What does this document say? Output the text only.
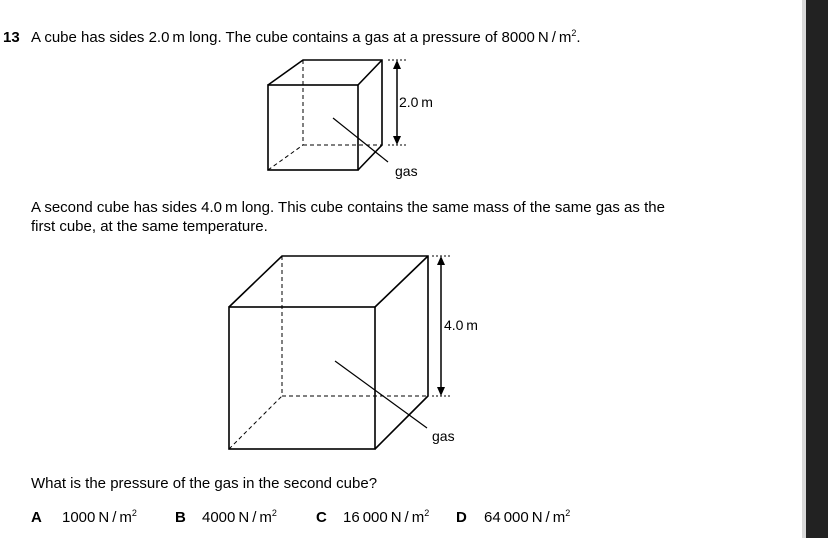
13 A cube has sides 2.0 m long. The cube contains a gas at a pressure of 8000 N / $m^2$.
2.0 m
gas
A second cube has sides 4.0 m long. This cube contains the same mass of the same gas as the
first cube, at the same temperature.
4.0 m
gas
What is the pressure of the gas in the second cube?
A 1000 N / $m^2$	B 4000 N / $m^2$	C 16 000 N / $m^2$ D 64 000 N / $m^2$
